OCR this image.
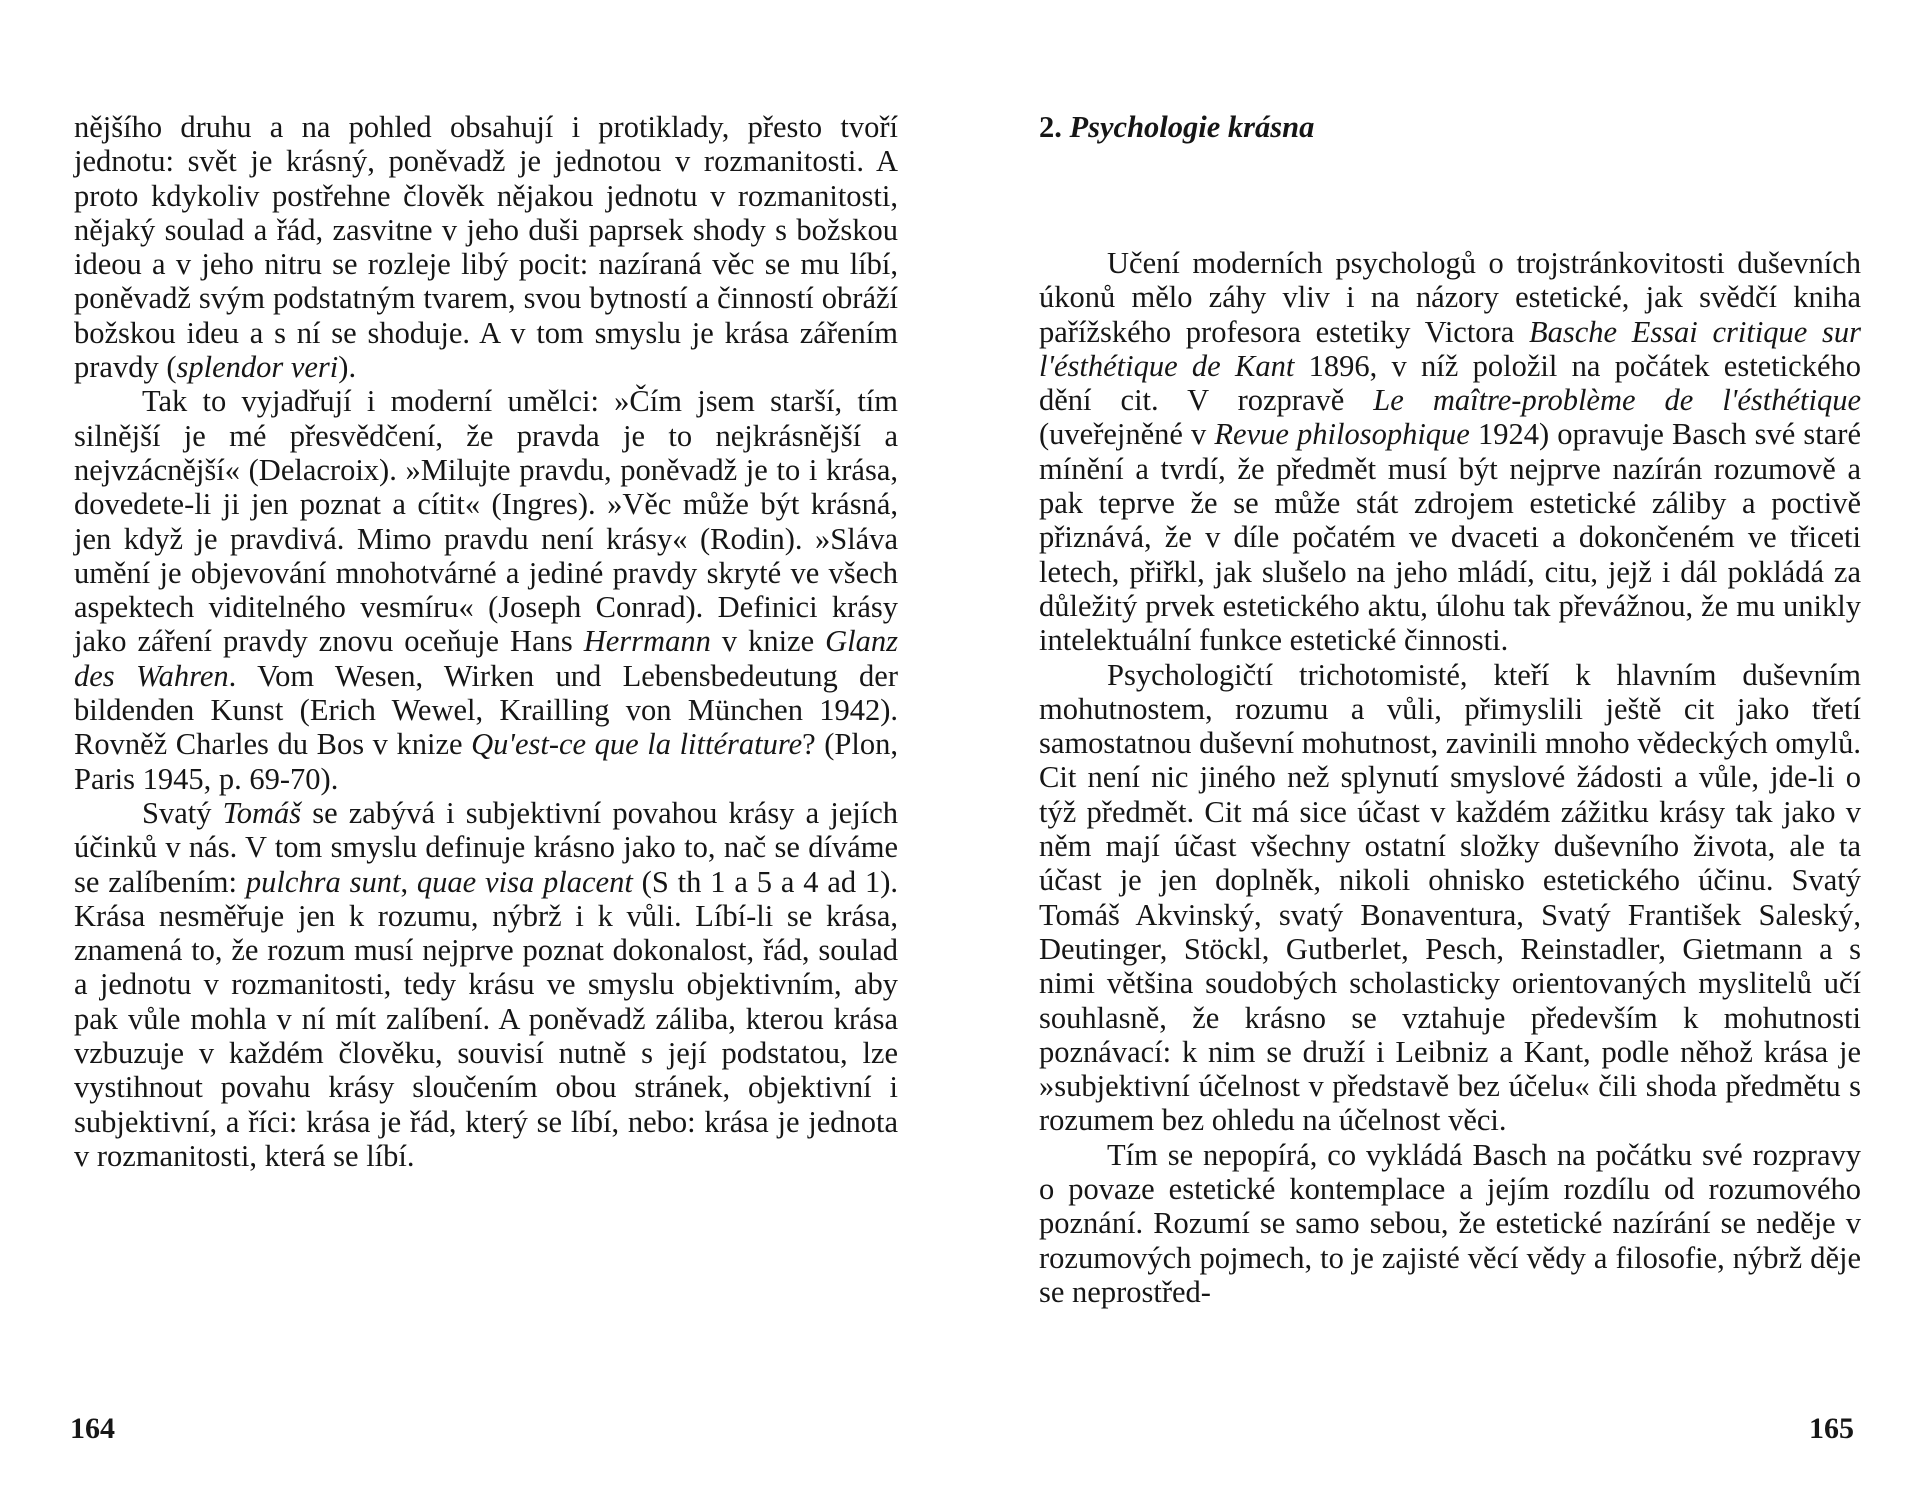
nějšího druhu a na pohled obsahují i protiklady, přesto tvoří jednotu: svět je krásný, poněvadž je jednotou v rozmanitosti. A proto kdykoliv postřehne člověk nějakou jednotu v rozmanitosti, nějaký soulad a řád, zasvitne v jeho duši paprsek shody s božskou ideou a v jeho nitru se rozleje libý pocit: nazíraná věc se mu líbí, poněvadž svým podstatným tvarem, svou bytností a činností obráží božskou ideu a s ní se shoduje. A v tom smyslu je krása zářením pravdy (splendor veri).

Tak to vyjadřují i moderní umělci: »Čím jsem starší, tím silnější je mé přesvědčení, že pravda je to nejkrásnější a nejvzácnější« (Delacroix). »Milujte pravdu, poněvadž je to i krása, dovedete-li ji jen poznat a cítit« (Ingres). »Věc může být krásná, jen když je pravdivá. Mimo pravdu není krásy« (Rodin). »Sláva umění je objevování mnohotvárné a jediné pravdy skryté ve všech aspektech viditelného vesmíru« (Joseph Conrad). Definici krásy jako záření pravdy znovu oceňuje Hans Herrmann v knize Glanz des Wahren. Vom Wesen, Wirken und Lebensbedeutung der bildenden Kunst (Erich Wewel, Krailling von München 1942). Rovněž Charles du Bos v knize Qu'est-ce que la littérature? (Plon, Paris 1945, p. 69-70).

Svatý Tomáš se zabývá i subjektivní povahou krásy a jejích účinků v nás. V tom smyslu definuje krásno jako to, nač se díváme se zalíbením: pulchra sunt, quae visa placent (S th 1 a 5 a 4 ad 1). Krása nesměřuje jen k rozumu, nýbrž i k vůli. Líbí-li se krása, znamená to, že rozum musí nejprve poznat dokonalost, řád, soulad a jednotu v rozmanitosti, tedy krásu ve smyslu objektivním, aby pak vůle mohla v ní mít zalíbení. A poněvadž záliba, kterou krása vzbuzuje v každém člověku, souvisí nutně s její podstatou, lze vystihnout povahu krásy sloučením obou stránek, objektivní i subjektivní, a říci: krása je řád, který se líbí, nebo: krása je jednota v rozmanitosti, která se líbí.

164
2. Psychologie krásna

Učení moderních psychologů o trojstránkovitosti duševních úkonů mělo záhy vliv i na názory estetické, jak svědčí kniha pařížského profesora estetiky Victora Basche Essai critique sur l'ésthétique de Kant 1896, v níž položil na počátek estetického dění cit. V rozpravě Le maître-problème de l'ésthétique (uveřejněné v Revue philosophique 1924) opravuje Basch své staré mínění a tvrdí, že předmět musí být nejprve nazírán rozumově a pak teprve že se může stát zdrojem estetické záliby a poctivě přiznává, že v díle počatém ve dvaceti a dokončeném ve třiceti letech, přiřkl, jak slušelo na jeho mládí, citu, jejž i dál pokládá za důležitý prvek estetického aktu, úlohu tak převážnou, že mu unikly intelektuální funkce estetické činnosti.

Psychologičtí trichotomisté, kteří k hlavním duševním mohutnostem, rozumu a vůli, přimyslili ještě cit jako třetí samostatnou duševní mohutnost, zavinili mnoho vědeckých omylů. Cit není nic jiného než splynutí smyslové žádosti a vůle, jde-li o týž předmět. Cit má sice účast v každém zážitku krásy tak jako v něm mají účast všechny ostatní složky duševního života, ale ta účast je jen doplněk, nikoli ohnisko estetického účinu. Svatý Tomáš Akvinský, svatý Bonaventura, Svatý František Saleský, Deutinger, Stöckl, Gutberlet, Pesch, Reinstadler, Gietmann a s nimi většina soudobých scholasticky orientovaných myslitelů učí souhlasně, že krásno se vztahuje především k mohutnosti poznávací: k nim se druží i Leibniz a Kant, podle něhož krása je »subjektivní účelnost v představě bez účelu« čili shoda předmětu s rozumem bez ohledu na účelnost věci.

Tím se nepopírá, co vykládá Basch na počátku své rozpravy o povaze estetické kontemplace a jejím rozdílu od rozumového poznání. Rozumí se samo sebou, že estetické nazírání se neděje v rozumových pojmech, to je zajisté věcí vědy a filosofie, nýbrž děje se neprostřed-

165
